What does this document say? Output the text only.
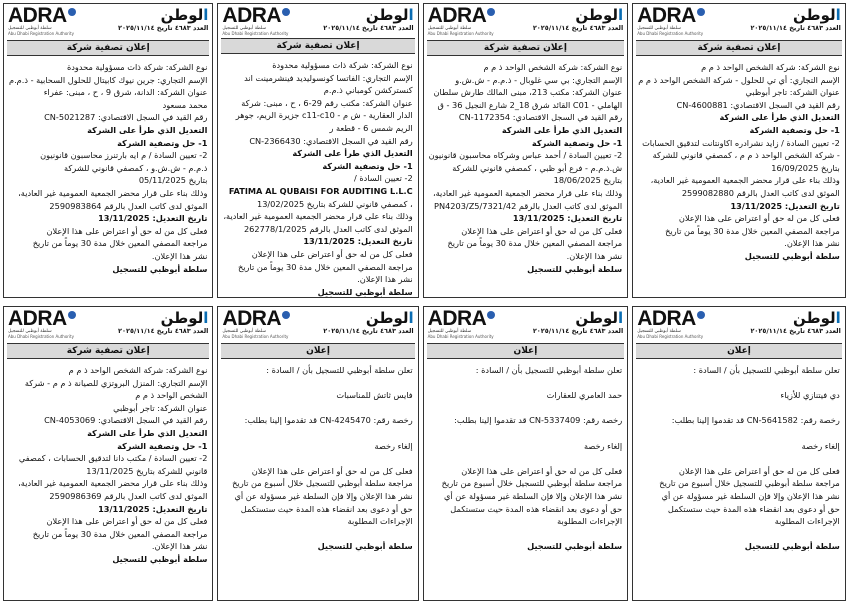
ADRA
سلطة أبوظبي للتسجيل
Abu Dhabi Registration Authority
الوطن
العدد ٤٦٨٣ تاريخ ٢٠٢٥/١١/١٤
إعلان تصفية شركة
نوع الشركة: شركة ذات مسؤولية محدودة
الإسم التجاري: جرين نيوك كابيتال للحلول السحابية - ذ.م.م
عنوان الشركة: الدانة، شرق 9 ، ح ، مبنى: عفراء
محمد مسعود
رقم القيد في السجل الاقتصادي: CN-5021287
التعديل الذي طرأ على الشركة
1- حل وتصفية الشركة
2- تعيين السادة / م ايه بارتنرز محاسبون قانونيون
ذ.م.م - ش.ش.و ، كمصفي قانوني للشركة
بتاريخ 05/11/2025
وذلك بناء على قرار محضر الجمعية العمومية غير العادية،
الموثق لدى كاتب العدل بالرقم 2590983864
تاريخ التعديل: 13/11/2025
فعلى كل من له حق أو اعتراض على هذا الإعلان
مراجعة المصفي المعين خلال مدة 30 يوماً من تاريخ
نشر هذا الإعلان.
سلطة أبوظبي للتسجيل
ADRA
سلطة أبوظبي للتسجيل
Abu Dhabi Registration Authority
الوطن
العدد ٤٦٨٣ تاريخ ٢٠٢٥/١١/١٤
إعلان تصفية شركة
نوع الشركة: شركة ذات مسؤولية محدودة
الإسم التجاري: الفاتسا كونسوليديد فينشرمينت اند
كنستركشن كومباني ذ.م.م
عنوان الشركة: مكتب رقم 29-6 ، ح ، مبنى: شركة
الدار العقارية - ش م - c11-c10 جزيرة الريم، جوهر
الريم شمس 6 - قطعة ر
رقم القيد في السجل الاقتصادي: CN-2366430
التعديل الذي طرأ على الشركة
1- حل وتصفية الشركة
2- تعيين السادة /
FATIMA AL QUBAISI FOR AUDITING L.L.C
، كمصفي قانوني للشركة بتاريخ 13/02/2025
وذلك بناء على قرار محضر الجمعية العمومية غير العادية،
الموثق لدى كاتب العدل بالرقم 262778/1/2025
تاريخ التعديل: 13/11/2025
فعلى كل من له حق أو اعتراض على هذا الإعلان
مراجعة المصفي المعين خلال مدة 30 يوماً من تاريخ
نشر هذا الإعلان.
سلطة أبوظبي للتسجيل
ADRA
سلطة أبوظبي للتسجيل
Abu Dhabi Registration Authority
الوطن
العدد ٤٦٨٣ تاريخ ٢٠٢٥/١١/١٤
إعلان تصفية شركة
نوع الشركة: شركة الشخص الواحد ذ م م
الإسم التجاري: بي سي غلوبال - ذ.م.م - ش.ش.و
عنوان الشركة: مكتب 213، مبنى المالك طارش سلطان
الهاملي - C01 القائد شرق 18_2 شارع النجيل 36 - ق
رقم القيد في السجل الاقتصادي: CN-1172354
التعديل الذي طرأ على الشركة
1- حل وتصفية الشركة
2- تعيين السادة / أحمد عباس وشركاه محاسبون قانونيون
ش.ذ.م.م - فرع أبو ظبي ، كمصفي قانوني للشركة
بتاريخ 18/06/2025
وذلك بناء على قرار محضر الجمعية العمومية غير العادية،
الموثق لدى كاتب العدل بالرقم 7321/42/PN4203/Z5
تاريخ التعديل: 13/11/2025
فعلى كل من له حق أو اعتراض على هذا الإعلان
مراجعة المصفي المعين خلال مدة 30 يوماً من تاريخ
نشر هذا الإعلان.
سلطة أبوظبي للتسجيل
ADRA
سلطة أبوظبي للتسجيل
Abu Dhabi Registration Authority
الوطن
العدد ٤٦٨٣ تاريخ ٢٠٢٥/١١/١٤
إعلان تصفية شركة
نوع الشركة: شركة الشخص الواحد ذ م م
الإسم التجاري: أي تي للحلول - شركة الشخص الواحد ذ م م
عنوان الشركة: تاجر أبوظبي
رقم القيد في السجل الاقتصادي: CN-4600881
التعديل الذي طرأ على الشركة
1- حل وتصفية الشركة
2- تعيين السادة / زايد نشرادره اكاونتانت لتدقيق الحسابات
- شركة الشخص الواحد ذ م م ، كمصفي قانوني للشركة
بتاريخ 16/09/2025
وذلك بناء على قرار محضر الجمعية العمومية غير العادية،
الموثق لدى كاتب العدل بالرقم 2599082880
تاريخ التعديل: 13/11/2025
فعلى كل من له حق أو اعتراض على هذا الإعلان
مراجعة المصفي المعين خلال مدة 30 يوماً من تاريخ
نشر هذا الإعلان.
سلطة أبوظبي للتسجيل
ADRA
سلطة أبوظبي للتسجيل
Abu Dhabi Registration Authority
الوطن
العدد ٤٦٨٣ تاريخ ٢٠٢٥/١١/١٤
إعلان تصفية شركة
نوع الشركة: شركة الشخص الواحد ذ م م
الإسم التجاري: المنزل البروتزي للصيانة ذ م م - شركة
الشخص الواحد ذ م م
عنوان الشركة: تاجر أبوظبي
رقم القيد في السجل الاقتصادي: CN-4053069
التعديل الذي طرأ على الشركة
1- حل وتصفية الشركة
2- تعيين السادة / مكتب دانا لتدقيق الحسابات ، كمصفي
قانوني للشركة بتاريخ 13/11/2025
وذلك بناء على قرار محضر الجمعية العمومية غير العادية،
الموثق لدى كاتب العدل بالرقم 2590986369
تاريخ التعديل: 13/11/2025
فعلى كل من له حق أو اعتراض على هذا الإعلان
مراجعة المصفي المعين خلال مدة 30 يوماً من تاريخ
نشر هذا الإعلان.
سلطة أبوظبي للتسجيل
ADRA
سلطة أبوظبي للتسجيل
Abu Dhabi Registration Authority
الوطن
العدد ٤٦٨٣ تاريخ ٢٠٢٥/١١/١٤
إعلان
تعلن سلطة أبوظبي للتسجيل بأن / السادة :

فايس ثاتش للمناسبات

رخصة رقم: CN-4245470 قد تقدموا إلينا بطلب:

إلغاء رخصة

فعلى كل من له حق أو اعتراض على هذا الإعلان
مراجعة سلطة أبوظبي للتسجيل خلال أسبوع من تاريخ
نشر هذا الإعلان وإلا فإن السلطة غير مسؤولة عن أي
حق أو دعوى بعد انقضاء هذه المدة حيث ستستكمل
الإجراءات المطلوبة

سلطة أبوظبي للتسجيل
ADRA
سلطة أبوظبي للتسجيل
Abu Dhabi Registration Authority
الوطن
العدد ٤٦٨٣ تاريخ ٢٠٢٥/١١/١٤
إعلان
تعلن سلطة أبوظبي للتسجيل بأن / السادة :

حمد العامري للعقارات

رخصة رقم: CN-5337409 قد تقدموا إلينا بطلب:

إلغاء رخصة

فعلى كل من له حق أو اعتراض على هذا الإعلان
مراجعة سلطة أبوظبي للتسجيل خلال أسبوع من تاريخ
نشر هذا الإعلان وإلا فإن السلطة غير مسؤولة عن أي
حق أو دعوى بعد انقضاء هذه المدة حيث ستستكمل
الإجراءات المطلوبة

سلطة أبوظبي للتسجيل
ADRA
سلطة أبوظبي للتسجيل
Abu Dhabi Registration Authority
الوطن
العدد ٤٦٨٣ تاريخ ٢٠٢٥/١١/١٤
إعلان
تعلن سلطة أبوظبي للتسجيل بأن / السادة :

دي فيتنازي للأزياء

رخصة رقم: CN-5641582 قد تقدموا إلينا بطلب:

إلغاء رخصة

فعلى كل من له حق أو اعتراض على هذا الإعلان
مراجعة سلطة أبوظبي للتسجيل خلال أسبوع من تاريخ
نشر هذا الإعلان وإلا فإن السلطة غير مسؤولة عن أي
حق أو دعوى بعد انقضاء هذه المدة حيث ستستكمل
الإجراءات المطلوبة

سلطة أبوظبي للتسجيل
